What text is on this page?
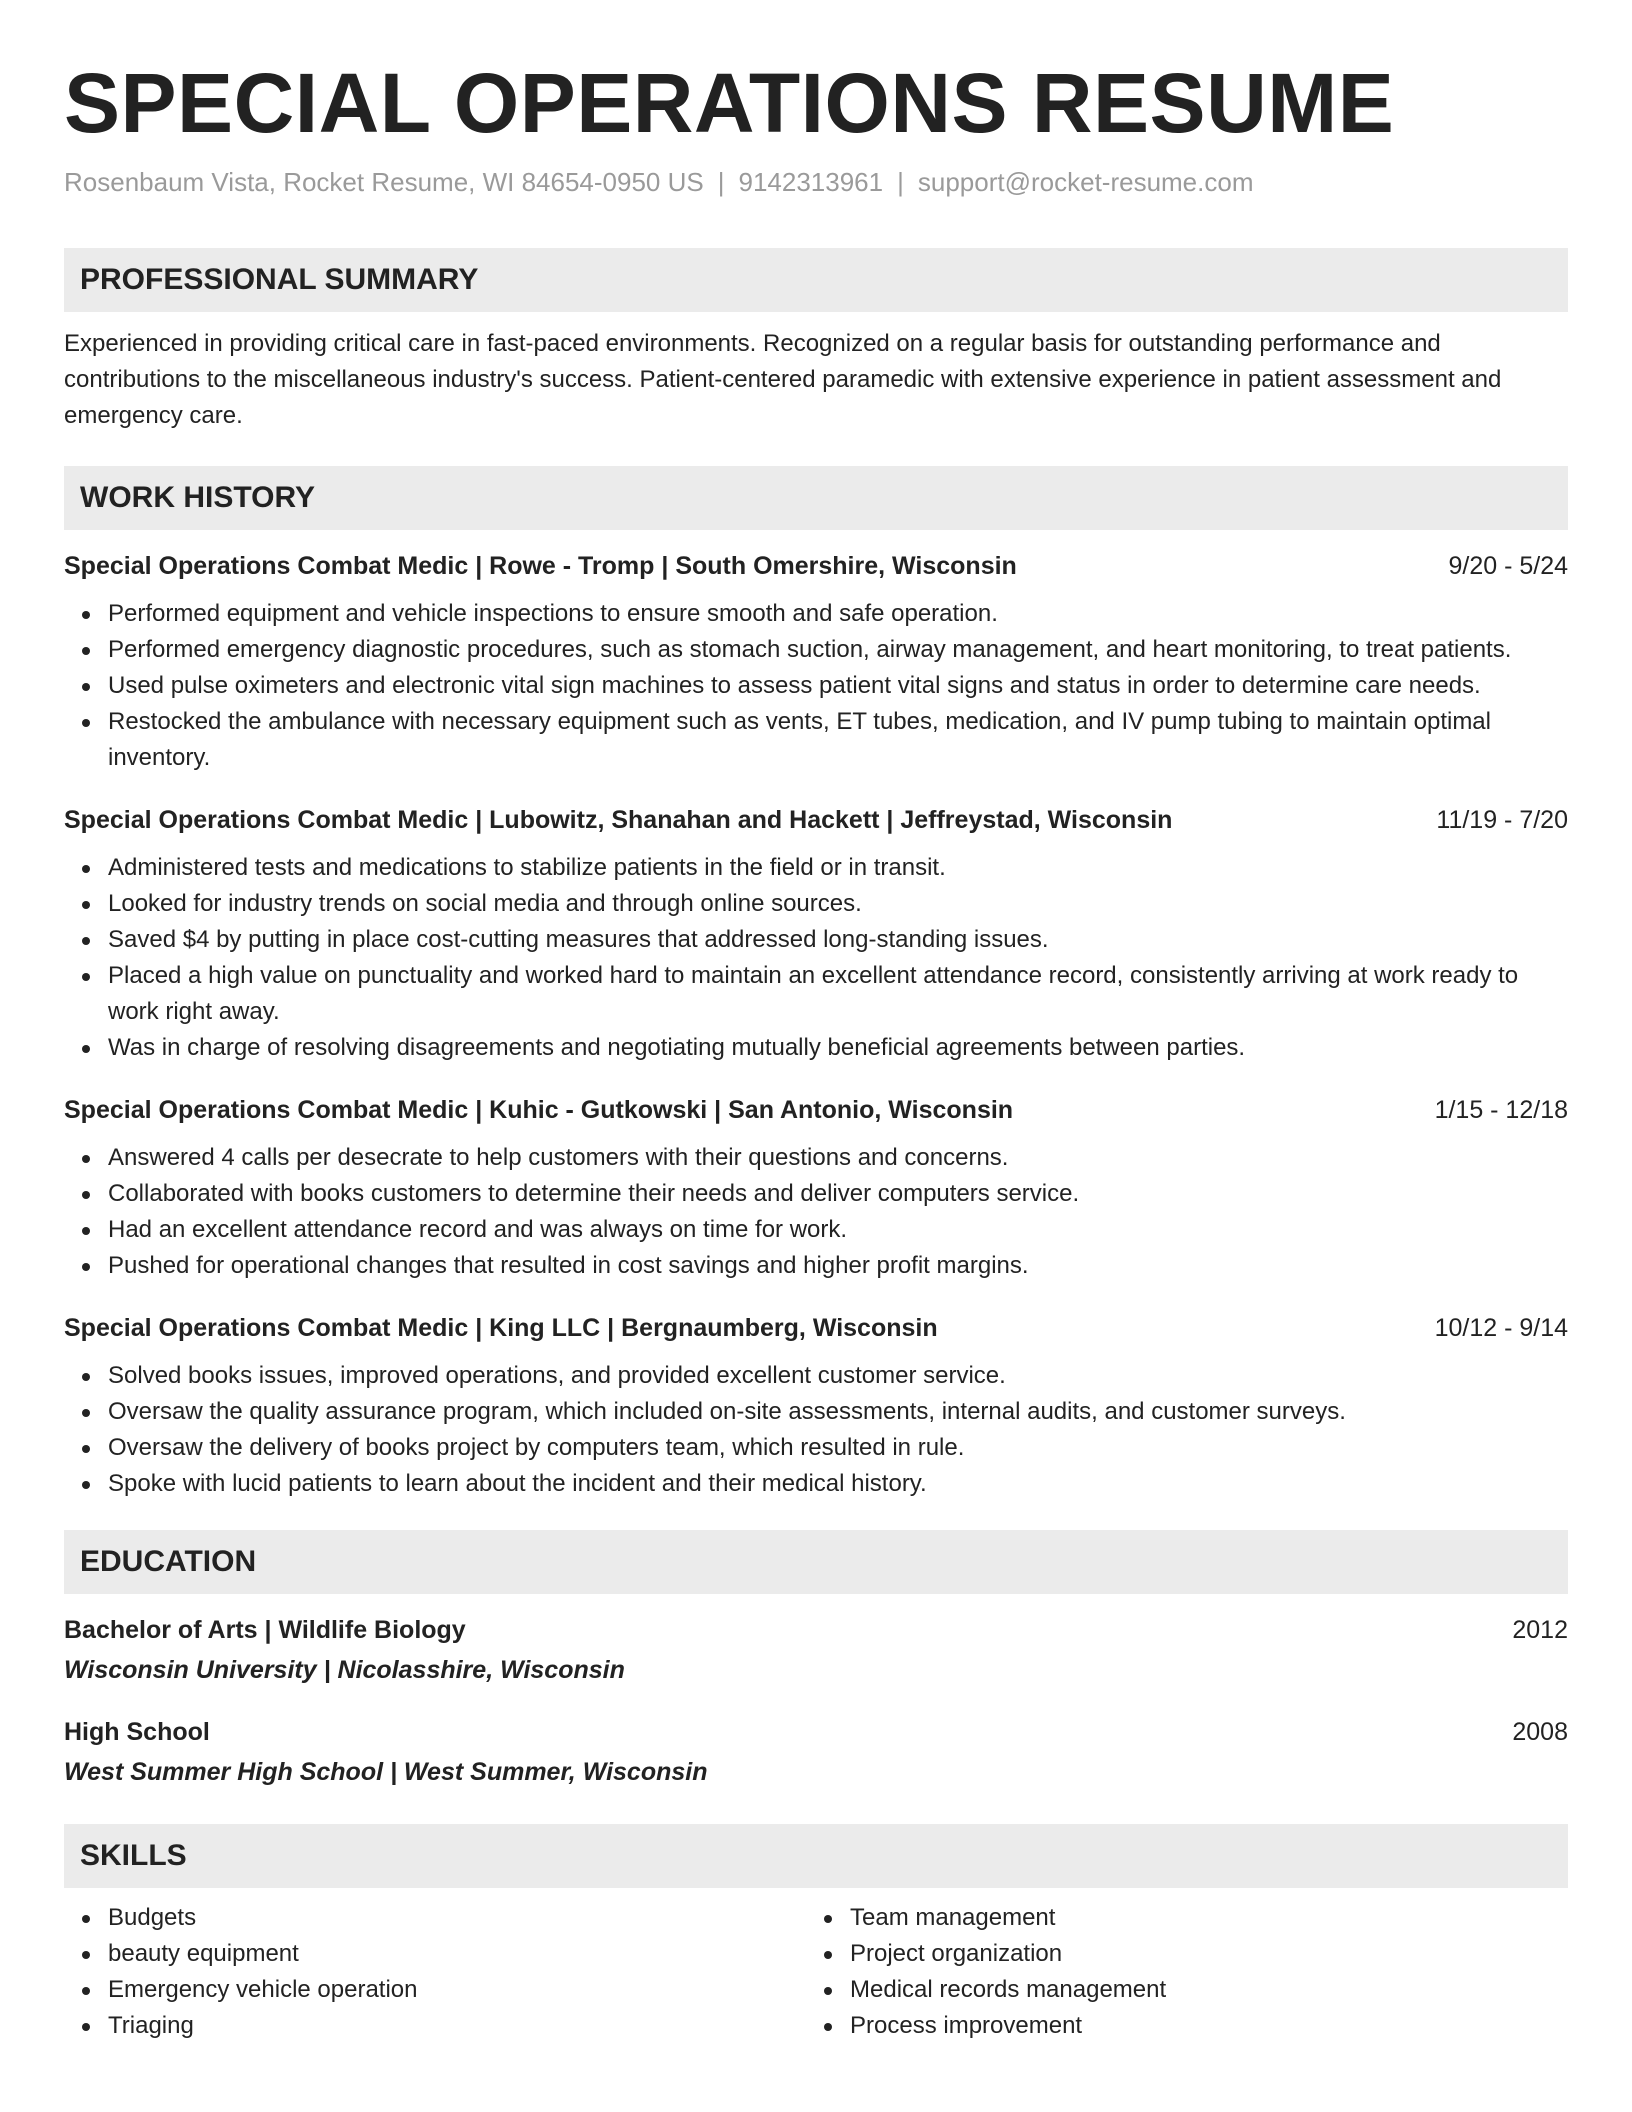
SPECIAL OPERATIONS RESUME
Rosenbaum Vista, Rocket Resume, WI 84654-0950 US | 9142313961 | support@rocket-resume.com
PROFESSIONAL SUMMARY
Experienced in providing critical care in fast-paced environments. Recognized on a regular basis for outstanding performance and contributions to the miscellaneous industry's success. Patient-centered paramedic with extensive experience in patient assessment and emergency care.
WORK HISTORY
Special Operations Combat Medic | Rowe - Tromp | South Omershire, Wisconsin	9/20 - 5/24
Performed equipment and vehicle inspections to ensure smooth and safe operation.
Performed emergency diagnostic procedures, such as stomach suction, airway management, and heart monitoring, to treat patients.
Used pulse oximeters and electronic vital sign machines to assess patient vital signs and status in order to determine care needs.
Restocked the ambulance with necessary equipment such as vents, ET tubes, medication, and IV pump tubing to maintain optimal inventory.
Special Operations Combat Medic | Lubowitz, Shanahan and Hackett | Jeffreystad, Wisconsin	11/19 - 7/20
Administered tests and medications to stabilize patients in the field or in transit.
Looked for industry trends on social media and through online sources.
Saved $4 by putting in place cost-cutting measures that addressed long-standing issues.
Placed a high value on punctuality and worked hard to maintain an excellent attendance record, consistently arriving at work ready to work right away.
Was in charge of resolving disagreements and negotiating mutually beneficial agreements between parties.
Special Operations Combat Medic | Kuhic - Gutkowski | San Antonio, Wisconsin	1/15 - 12/18
Answered 4 calls per desecrate to help customers with their questions and concerns.
Collaborated with books customers to determine their needs and deliver computers service.
Had an excellent attendance record and was always on time for work.
Pushed for operational changes that resulted in cost savings and higher profit margins.
Special Operations Combat Medic | King LLC | Bergnaumberg, Wisconsin	10/12 - 9/14
Solved books issues, improved operations, and provided excellent customer service.
Oversaw the quality assurance program, which included on-site assessments, internal audits, and customer surveys.
Oversaw the delivery of books project by computers team, which resulted in rule.
Spoke with lucid patients to learn about the incident and their medical history.
EDUCATION
Bachelor of Arts | Wildlife Biology	2012
Wisconsin University | Nicolasshire, Wisconsin
High School	2008
West Summer High School | West Summer, Wisconsin
SKILLS
Budgets
beauty equipment
Emergency vehicle operation
Triaging
Team management
Project organization
Medical records management
Process improvement
